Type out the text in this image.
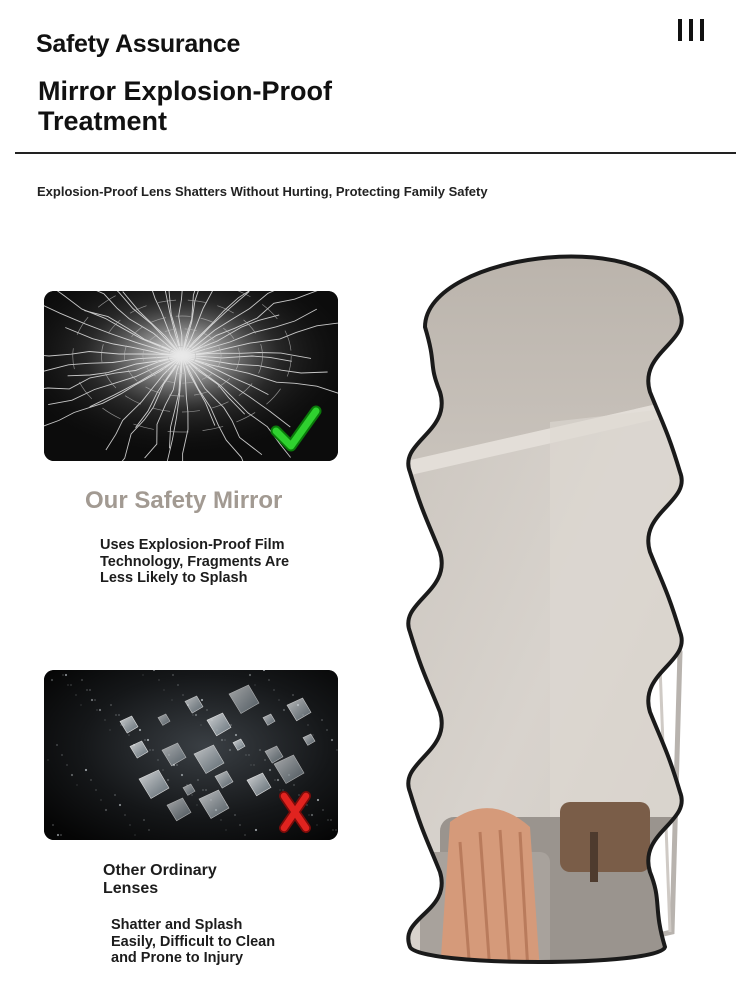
Safety Assurance
Mirror Explosion-Proof Treatment
Explosion-Proof Lens Shatters Without Hurting, Protecting Family Safety
Our Safety Mirror
Uses Explosion-Proof Film Technology, Fragments Are Less Likely to Splash
Other Ordinary Lenses
Shatter and Splash Easily, Difficult to Clean and Prone to Injury
